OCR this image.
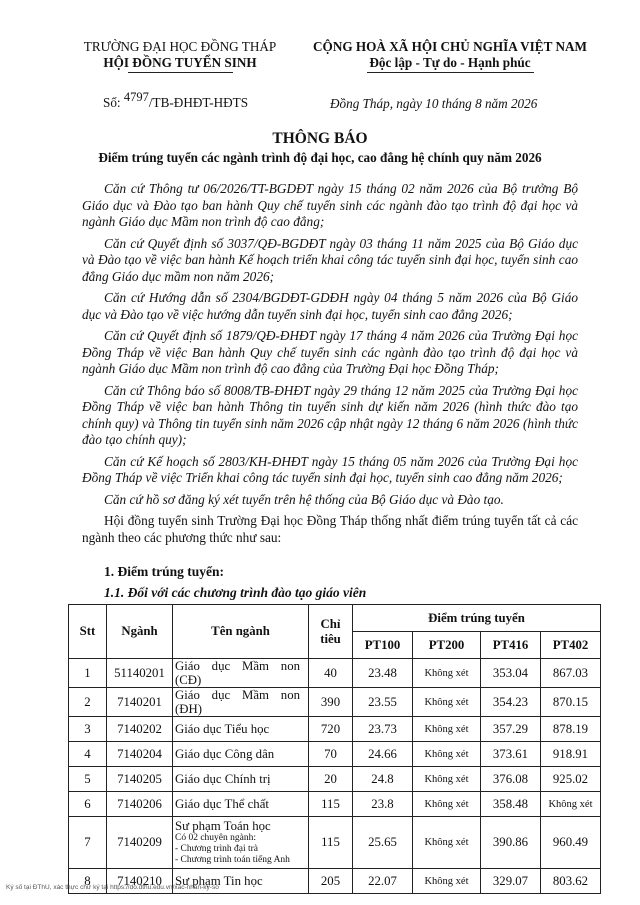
TRƯỜNG ĐẠI HỌC ĐỒNG THÁP
HỘI ĐỒNG TUYỂN SINH
CỘNG HOÀ XÃ HỘI CHỦ NGHĨA VIỆT NAM
Độc lập - Tự do - Hạnh phúc
Số: 4797/TB-ĐHĐT-HĐTS	Đồng Tháp, ngày 10 tháng 8 năm 2026
THÔNG BÁO
Điểm trúng tuyển các ngành trình độ đại học, cao đẳng hệ chính quy năm 2026

Căn cứ Thông tư 06/2026/TT-BGDĐT ngày 15 tháng 02 năm 2026 của Bộ trưởng Bộ Giáo dục và Đào tạo ban hành Quy chế tuyển sinh các ngành đào tạo trình độ đại học và ngành Giáo dục Mầm non trình độ cao đẳng;

Căn cứ Quyết định số 3037/QĐ-BGDĐT ngày 03 tháng 11 năm 2025 của Bộ Giáo dục và Đào tạo về việc ban hành Kế hoạch triển khai công tác tuyển sinh đại học, tuyển sinh cao đẳng Giáo dục mầm non năm 2026;

Căn cứ Hướng dẫn số 2304/BGDĐT-GDĐH ngày 04 tháng 5 năm 2026 của Bộ Giáo dục và Đào tạo về việc hướng dẫn tuyển sinh đại học, tuyển sinh cao đẳng 2026;

Căn cứ Quyết định số 1879/QĐ-ĐHĐT ngày 17 tháng 4 năm 2026 của Trường Đại học Đồng Tháp về việc Ban hành Quy chế tuyển sinh các ngành đào tạo trình độ đại học và ngành Giáo dục Mầm non trình độ cao đẳng của Trường Đại học Đồng Tháp;

Căn cứ Thông báo số 8008/TB-ĐHĐT ngày 29 tháng 12 năm 2025 của Trường Đại học Đồng Tháp về việc ban hành Thông tin tuyển sinh dự kiến năm 2026 (hình thức đào tạo chính quy) và Thông tin tuyển sinh năm 2026 cập nhật ngày 12 tháng 6 năm 2026 (hình thức đào tạo chính quy);

Căn cứ Kế hoạch số 2803/KH-ĐHĐT ngày 15 tháng 05 năm 2026 của Trường Đại học Đồng Tháp về việc Triển khai công tác tuyển sinh đại học, tuyển sinh cao đẳng năm 2026;

Căn cứ hồ sơ đăng ký xét tuyển trên hệ thống của Bộ Giáo dục và Đào tạo.

Hội đồng tuyển sinh Trường Đại học Đồng Tháp thống nhất điểm trúng tuyển tất cả các ngành theo các phương thức như sau:

1. Điểm trúng tuyển:
1.1. Đối với các chương trình đào tạo giáo viên
Stt	Ngành	Tên ngành	Chỉ
tiêu	Điểm trúng tuyển			
				PT100	PT200	PT416	PT402
1	51140201	Giáo dục Mầm non
(CĐ)	40	23.48	Không xét	353.04	867.03
2	7140201	Giáo dục Mầm non
(ĐH)	390	23.55	Không xét	354.23	870.15
3	7140202	Giáo dục Tiểu học	720	23.73	Không xét	357.29	878.19
4	7140204	Giáo dục Công dân	70	24.66	Không xét	373.61	918.91
5	7140205	Giáo dục Chính trị	20	24.8	Không xét	376.08	925.02
6	7140206	Giáo dục Thể chất	115	23.8	Không xét	358.48	Không xét
7	7140209	Sư phạm Toán học
Có 02 chuyên ngành:
- Chương trình đại trà
- Chương trình toán tiếng Anh	115	25.65	Không xét	390.86	960.49
8	7140210	Sư phạm Tin học	205	22.07	Không xét	329.07	803.62
Ký số tại ĐThU, xác thực chữ ký tại https://do.dthu.edu.vn/xac-nhan-ky-so
